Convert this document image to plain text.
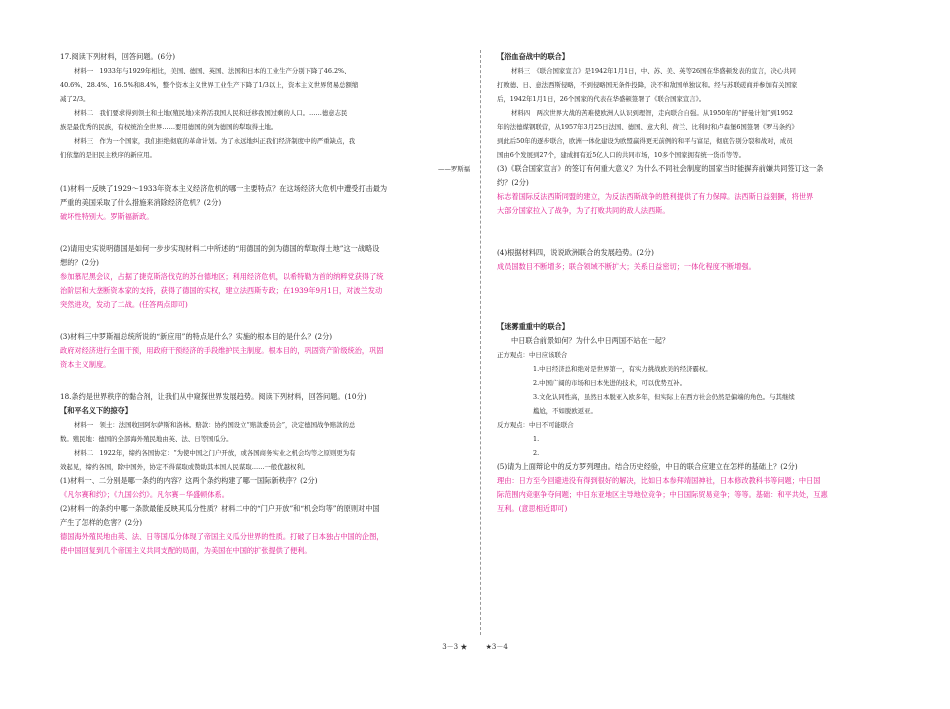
17.阅读下列材料，回答问题。(6分)

材料一　1933年与1929年相比，美国、德国、英国、法国和日本的工业生产分别下降了46.2%、

40.6%、28.4%、16.5%和8.4%，整个资本主义世界工业生产下降了1/3以上，资本主义世界贸易总额缩

减了2/3。

材料二　我们要求得到领土和土地(殖民地)来养活我国人民和迁移我国过剩的人口。……德意志民

族是最优秀的民族，有权统治全世界……要用德国的剑为德国的犁取得土地。

材料三　作为一个国家，我们拒绝彻底的革命计划。为了永远地纠正我们经济制度中的严重缺点，我

们依靠的是旧民主秩序的新应用。

——罗斯福

(1)材料一反映了1929～1933年资本主义经济危机的哪一主要特点？在这场经济大危机中遭受打击最为

严重的美国采取了什么措施来消除经济危机？(2分)

破坏性特别大。罗斯福新政。

(2)请用史实说明德国是如何一步步实现材料二中所述的“用德国的剑为德国的犁取得土地”这一战略设

想的？(2分)

参加慕尼黑会议，占据了捷克斯洛伐克的苏台德地区；利用经济危机，以希特勒为首的纳粹党获得了统

治阶层和大垄断资本家的支持，获得了德国的实权，建立法西斯专政；在1939年9月1日，对波兰发动

突然进攻，发动了二战。(任答两点即可)

(3)材料三中罗斯福总统所说的“新应用”的特点是什么？实施的根本目的是什么？(2分)

政府对经济进行全面干预，用政府干预经济的手段维护民主制度。根本目的，巩固资产阶级统治，巩固

资本主义制度。

18.条约是世界秩序的黏合剂，让我们从中窥探世界发展趋势。阅读下列材料，回答问题。(10分)

【和平名义下的掠夺】

材料一　领土：法国收回阿尔萨斯和洛林。赔款：协约国设立“赔款委员会”，决定德国战争赔款的总

数。殖民地：德国的全部海外殖民地由英、法、日等国瓜分。

材料二　1922年，缔约各国协定：“为使中国之门户开放，或各国商务实业之机会均等之原则更为有

效起见，缔约各国，除中国外，协定不得谋取或赞助其本国人民谋取……一般优越权利。

(1)材料一、二分别是哪一条约的内容？这两个条约构建了哪一国际新秩序？(2分)

《凡尔赛和约》；《九国公约》。凡尔赛－华盛顿体系。

(2)材料一的条约中哪一条款最能反映其瓜分性质？材料二中的“门户开放”和“机会均等”的原则对中国

产生了怎样的危害？(2分)

德国海外殖民地由英、法、日等国瓜分体现了帝国主义瓜分世界的性质。打破了日本独占中国的企图，

使中国回复到几个帝国主义共同支配的局面，为美国在中国的扩张提供了便利。

【浴血奋战中的联合】

材料三　《联合国家宣言》是1942年1月1日，中、苏、美、英等26国在华盛顿发表的宣言，决心共同

打败德、日、意法西斯侵略，不到侵略国无条件投降，决不和敌国单独议和。经与苏联磋商并参加有关国家

后，1942年1月1日，26个国家的代表在华盛顿签署了《联合国家宣言》。

材料四　两次世界大战的苦难使欧洲人认识到理智，走向联合自强。从1950年的“舒曼计划”到1952

年的法德煤钢联营，从1957年3月25日法国、德国、意大利、荷兰、比利时和卢森堡6国签署《罗马条约》

到此后50年的逐步联合，欧洲一体化建设为欧盟赢得更无前例的和平与富足，彻底告别分裂和战对，成员

国由6个发展到27个，建成拥有近5亿人口的共同市场，10多个国家拥有统一货币等等。

(3)《联合国家宣言》的签订有何重大意义？为什么不同社会制度的国家当时能摒弃前嫌共同签订这一条

约？(2分)

标志着国际反法西斯同盟的建立，为反法西斯战争的胜利提供了有力保障。法西斯日益猖獗，将世界

大部分国家拉入了战争，为了打败共同的敌人法西斯。

(4)根据材料四，说说欧洲联合的发展趋势。(2分)

成员国数目不断增多；联合领域不断扩大；关系日益密切；一体化程度不断增强。

【迷雾重重中的联合】

中日联合前景如何？为什么中日两国不站在一起？

正方观点：中日应该联合

1.中日经济总和绝对是世界第一，有实力挑战欧美的经济霸权。

2.中国广阔的市场和日本先进的技术，可以优势互补。

3.文化认同性高，虽然日本脱亚入欧多年，但实际上在西方社会仍然是偏端的角色。与其继续

尴尬，不如脱欧返亚。

反方观点：中日不可能联合

1.

2.

(5)请为上面辩论中的反方罗列理由。结合历史经验，中日的联合应建立在怎样的基础上？(2分)

理由：日方至今回避进没有得到很好的解决，比如日本参拜靖国神社，日本修改教科书等问题；中日国

际范围内竞驱争夺问题；中日东亚地区主导地位竞争；中日国际贸易竞争；等等。基础：和平共处，互惠

互利。(意思相近即可)

3－3 ★	★3－4
